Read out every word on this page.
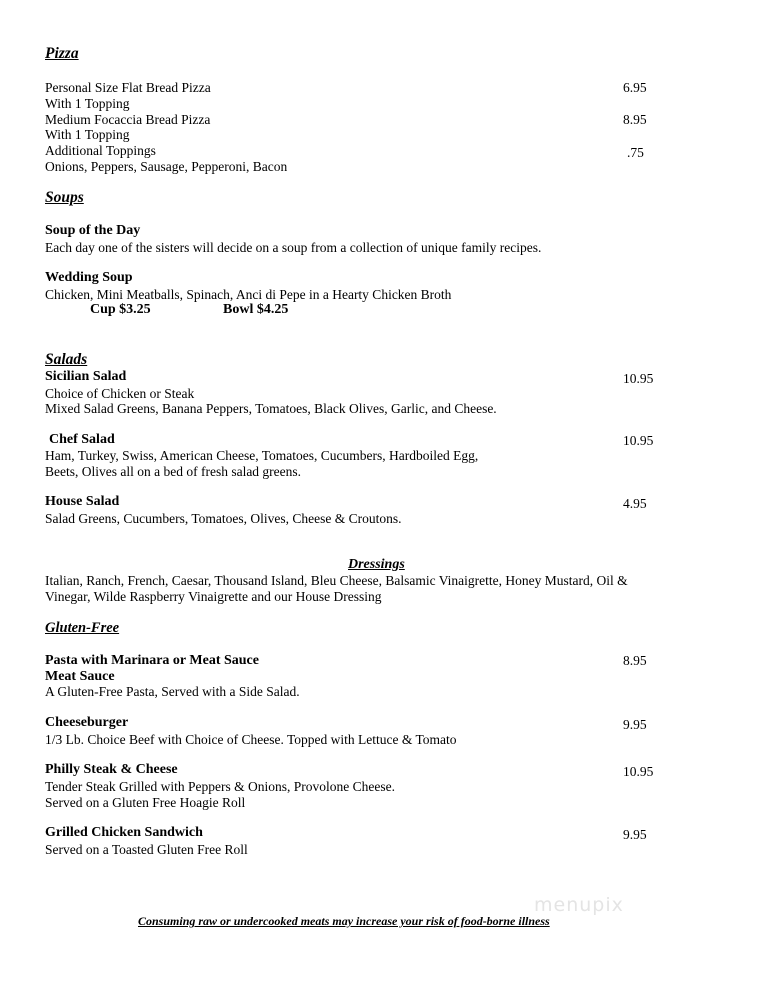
Pizza
Personal Size Flat Bread Pizza	6.95
With 1 Topping
Medium Focaccia Bread Pizza	8.95
With 1 Topping
Additional Toppings	.75
Onions, Peppers, Sausage, Pepperoni, Bacon
Soups
Soup of the Day
Each day one of the sisters will decide on a soup from a collection of unique family recipes.
Wedding Soup
Chicken, Mini Meatballs, Spinach, Anci di Pepe in a Hearty Chicken Broth
Cup $3.25	Bowl $4.25
Salads
Sicilian Salad	10.95
Choice of Chicken or Steak
Mixed Salad Greens, Banana Peppers, Tomatoes, Black Olives, Garlic, and Cheese.
Chef Salad	10.95
Ham, Turkey, Swiss, American Cheese, Tomatoes, Cucumbers, Hardboiled Egg,
Beets, Olives all on a bed of fresh salad greens.
House Salad	4.95
Salad Greens, Cucumbers, Tomatoes, Olives, Cheese & Croutons.
Dressings
Italian, Ranch, French, Caesar, Thousand Island, Bleu Cheese, Balsamic Vinaigrette, Honey Mustard, Oil &
Vinegar, Wilde Raspberry Vinaigrette and our House Dressing
Gluten-Free
Pasta with Marinara or Meat Sauce	8.95
Meat Sauce
A Gluten-Free Pasta, Served with a Side Salad.
Cheeseburger	9.95
1/3 Lb. Choice Beef with Choice of Cheese. Topped with Lettuce & Tomato
Philly Steak & Cheese	10.95
Tender Steak Grilled with Peppers & Onions, Provolone Cheese.
Served on a Gluten Free Hoagie Roll
Grilled Chicken Sandwich	9.95
Served on a Toasted Gluten Free Roll
menupix
Consuming raw or undercooked meats may increase your risk of food-borne illness
